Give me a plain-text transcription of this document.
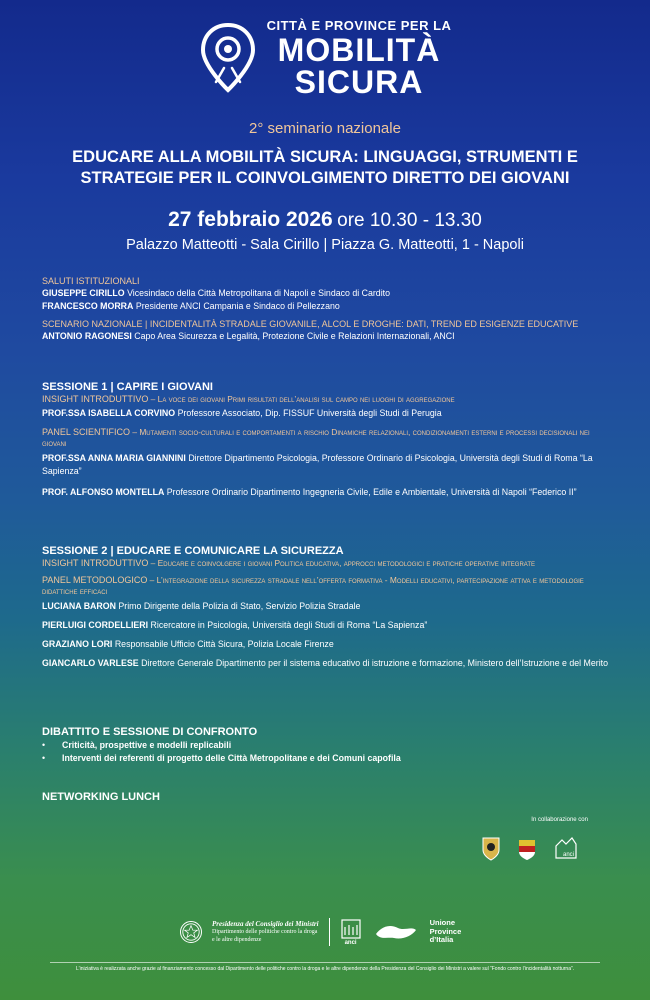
CITTÀ E PROVINCE PER LA
MOBILITÀ
SICURA
2° seminario nazionale
EDUCARE ALLA MOBILITÀ SICURA: LINGUAGGI, STRUMENTI E STRATEGIE PER IL COINVOLGIMENTO DIRETTO DEI GIOVANI
27 febbraio 2026 ore 10.30 - 13.30
Palazzo Matteotti - Sala Cirillo | Piazza G. Matteotti, 1 - Napoli
SALUTI ISTITUZIONALI
GIUSEPPE CIRILLO Vicesindaco della Città Metropolitana di Napoli e Sindaco di Cardito
FRANCESCO MORRA Presidente ANCI Campania e Sindaco di Pellezzano
SCENARIO NAZIONALE | INCIDENTALITÀ STRADALE GIOVANILE, ALCOL E DROGHE: DATI, TREND ED ESIGENZE EDUCATIVE
ANTONIO RAGONESI Capo Area Sicurezza e Legalità, Protezione Civile e Relazioni Internazionali, ANCI
SESSIONE 1 | CAPIRE I GIOVANI
INSIGHT INTRODUTTIVO – La voce dei giovani Primi risultati dell’analisi sul campo nei luoghi di aggregazione
PROF.SSA ISABELLA CORVINO Professore Associato, Dip. FISSUF Università degli Studi di Perugia
PANEL SCIENTIFICO – Mutamenti socio-culturali e comportamenti a rischio Dinamiche relazionali, condizionamenti esterni e processi decisionali nei giovani
PROF.SSA ANNA MARIA GIANNINI Direttore Dipartimento Psicologia, Professore Ordinario di Psicologia, Università degli Studi di Roma “La Sapienza”
PROF. ALFONSO MONTELLA Professore Ordinario Dipartimento Ingegneria Civile, Edile e Ambientale, Università di Napoli “Federico II”
SESSIONE 2 | EDUCARE E COMUNICARE LA SICUREZZA
INSIGHT INTRODUTTIVO – Educare e coinvolgere i giovani Politica educativa, approcci metodologici e pratiche operative integrate
PANEL METODOLOGICO – L’integrazione della sicurezza stradale nell’offerta formativa - Modelli educativi, partecipazione attiva e metodologie didattiche efficaci
LUCIANA BARON Primo Dirigente della Polizia di Stato, Servizio Polizia Stradale
PIERLUIGI CORDELLIERI Ricercatore in Psicologia, Università degli Studi di Roma “La Sapienza”
GRAZIANO LORI Responsabile Ufficio Città Sicura, Polizia Locale Firenze
GIANCARLO VARLESE Direttore Generale Dipartimento per il sistema educativo di istruzione e formazione, Ministero dell’Istruzione e del Merito
DIBATTITO E SESSIONE DI CONFRONTO
•	Criticità, prospettive e modelli replicabili
•	Interventi dei referenti di progetto delle Città Metropolitane e dei Comuni capofila
NETWORKING LUNCH
In collaborazione con
anci
Presidenza del Consiglio dei Ministri
Dipartimento delle politiche contro la droga
e le altre dipendenze	anci
Unione
Province
d’Italia
L’iniziativa è realizzata anche grazie al finanziamento concesso dal Dipartimento delle politiche contro la droga e le altre dipendenze della Presidenza del Consiglio dei Ministri a valere sul “Fondo contro l’incidentalità notturna”.
